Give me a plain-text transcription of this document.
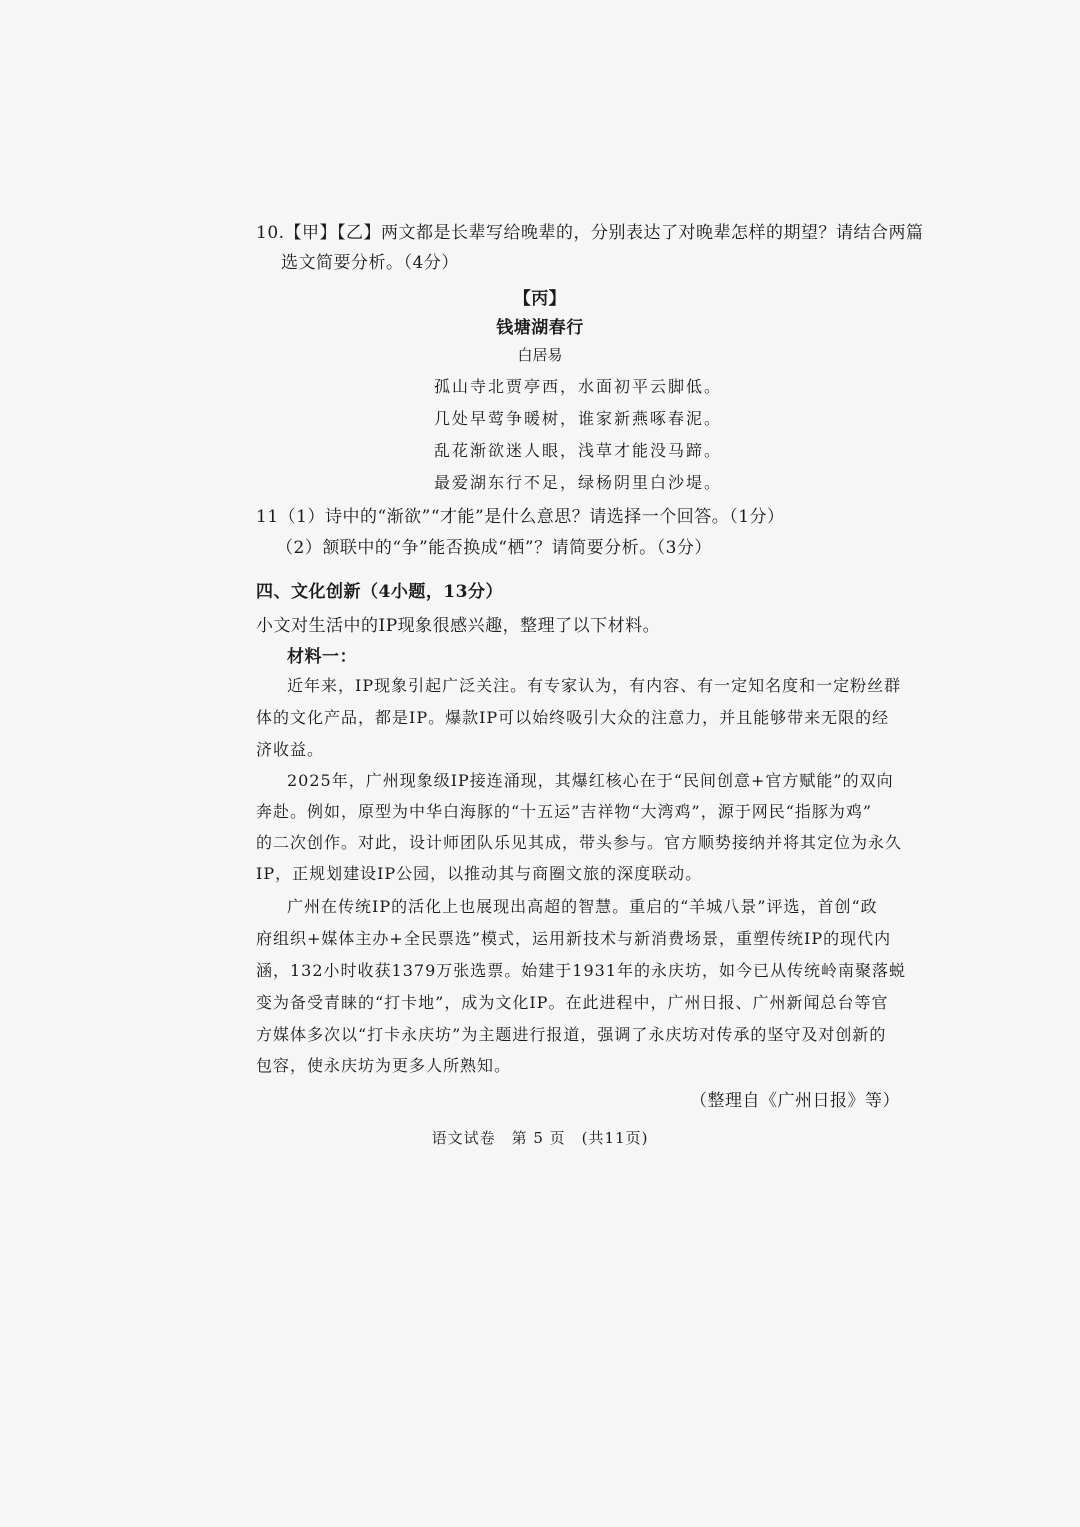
10.【甲】【乙】两文都是长辈写给晚辈的，分别表达了对晚辈怎样的期望？请结合两篇
选文简要分析。（4分）
【丙】
钱塘湖春行
白居易
孤山寺北贾亭西，水面初平云脚低。
几处早莺争暖树，谁家新燕啄春泥。
乱花渐欲迷人眼，浅草才能没马蹄。
最爱湖东行不足，绿杨阴里白沙堤。
11（1）诗中的“渐欲”“才能”是什么意思？请选择一个回答。（1分）
（2）颔联中的“争”能否换成“栖”？请简要分析。（3分）
四、文化创新（4小题，13分）
小文对生活中的IP现象很感兴趣，整理了以下材料。
材料一：
近年来，IP现象引起广泛关注。有专家认为，有内容、有一定知名度和一定粉丝群
体的文化产品，都是IP。爆款IP可以始终吸引大众的注意力，并且能够带来无限的经
济收益。
2025年，广州现象级IP接连涌现，其爆红核心在于“民间创意+官方赋能”的双向
奔赴。例如，原型为中华白海豚的“十五运”吉祥物“大湾鸡”，源于网民“指豚为鸡”
的二次创作。对此，设计师团队乐见其成，带头参与。官方顺势接纳并将其定位为永久
IP，正规划建设IP公园，以推动其与商圈文旅的深度联动。
广州在传统IP的活化上也展现出高超的智慧。重启的“羊城八景”评选，首创“政
府组织+媒体主办+全民票选”模式，运用新技术与新消费场景，重塑传统IP的现代内
涵，132小时收获1379万张选票。始建于1931年的永庆坊，如今已从传统岭南聚落蜕
变为备受青睐的“打卡地”，成为文化IP。在此进程中，广州日报、广州新闻总台等官
方媒体多次以“打卡永庆坊”为主题进行报道，强调了永庆坊对传承的坚守及对创新的
包容，使永庆坊为更多人所熟知。
（整理自《广州日报》等）
语文试卷　第 5 页　(共11页)
